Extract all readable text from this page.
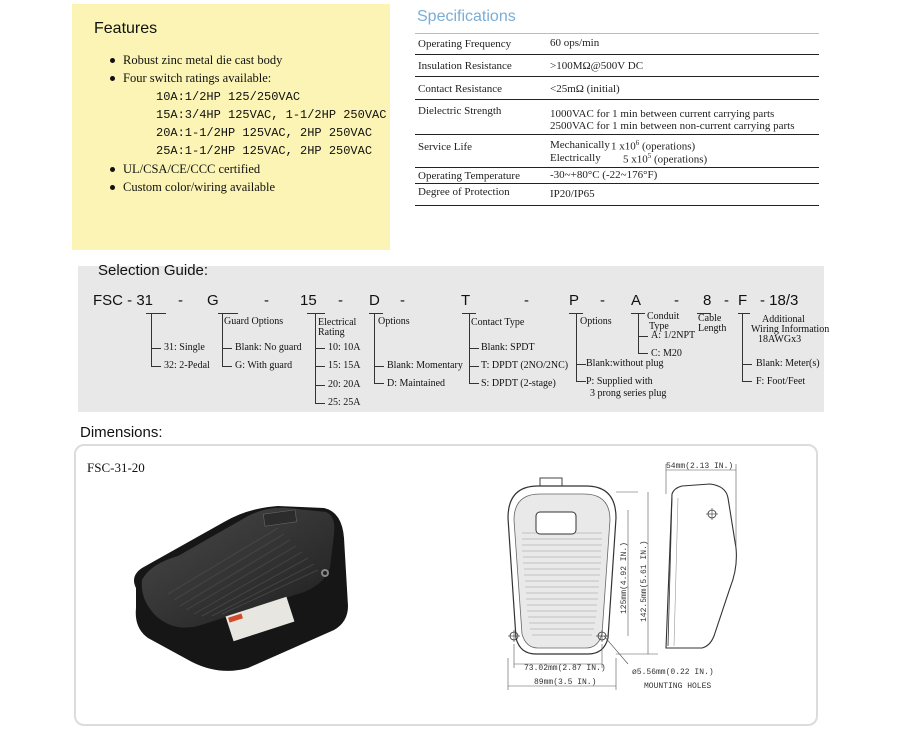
Features
Robust zinc metal die cast body
Four switch ratings available:
10A:1/2HP 125/250VAC
15A:3/4HP 125VAC, 1-1/2HP 250VAC
20A:1-1/2HP 125VAC, 2HP 250VAC
25A:1-1/2HP 125VAC, 2HP 250VAC
UL/CSA/CE/CCC certified
Custom color/wiring available
Specifications
Operating Frequency	60 ops/min
Insulation Resistance	>100MΩ@500V DC
Contact Resistance	<25mΩ (initial)
Dielectric Strength	1000VAC for 1 min between current carrying parts
2500VAC for 1 min between non-current carrying parts
Service Life	Mechanically 1 $x10^6$ (operations)
Electrically 5 $x10^5$ (operations)
Operating Temperature	-30~+80°C (-22~176°F)
Degree of Protection	IP20/IP65
Selection Guide:
FSC - 31 - G	- 15 - D -	T	-	P - A - 8 - F - 18/3
31: Single
32: 2-Pedal
Guard Options
Blank: No guard
G: With guard
Electrical
Rating
10: 10A
15: 15A
20: 20A
25: 25A
Options
Blank: Momentary
D: Maintained
Contact Type
Blank: SPDT
T: DPDT (2NO/2NC)
S: DPDT (2-stage)
Options
Blank:without plug
P: Supplied with
3 prong series plug
Conduit
Type
A: 1/2NPT
C: M20
Cable
Length
Additional
Wiring Information
18AWGx3
Blank: Meter(s)
F: Foot/Feet
Dimensions:
FSC-31-20
73.02mm(2.87 IN.)
89mm(3.5 IN.)
125mm(4.92 IN.) 142.5mm(5.61 IN.)
54mm(2.13 IN.)
ø5.56mm(0.22 IN.)
MOUNTING HOLES
